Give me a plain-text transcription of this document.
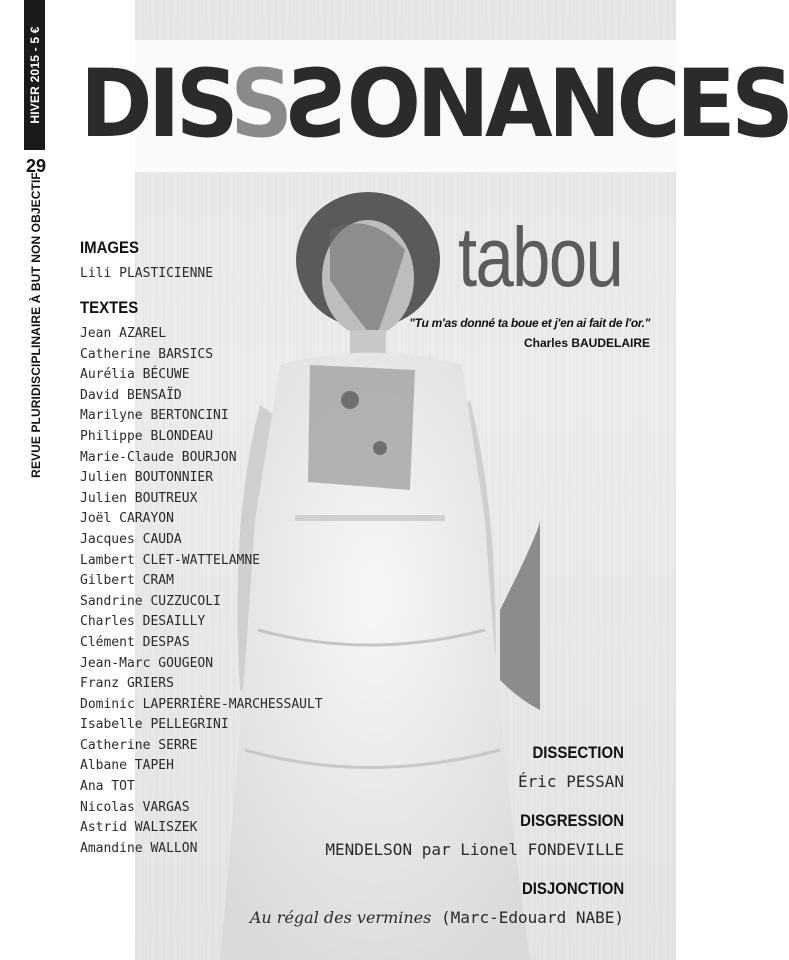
HIVER 2015 - 5 €
29
REVUE PLURIDISCIPLINAIRE À BUT NON OBJECTIF
DISSSONANCES
tabou
"Tu m'as donné ta boue et j'en ai fait de l'or."
Charles BAUDELAIRE
IMAGES
Lili PLASTICIENNE
TEXTES
Jean AZAREL
Catherine BARSICS
Aurélia BÉCUWE
David BENSAÏD
Marilyne BERTONCINI
Philippe BLONDEAU
Marie-Claude BOURJON
Julien BOUTONNIER
Julien BOUTREUX
Joël CARAYON
Jacques CAUDA
Lambert CLET-WATTELAMNE
Gilbert CRAM
Sandrine CUZZUCOLI
Charles DESAILLY
Clément DESPAS
Jean-Marc GOUGEON
Franz GRIERS
Dominic LAPERRIÈRE-MARCHESSAULT
Isabelle PELLEGRINI
Catherine SERRE
Albane TAPEH
Ana TOT
Nicolas VARGAS
Astrid WALISZEK
Amandine WALLON
DISSECTION
Éric PESSAN
DISGRESSION
MENDELSON par Lionel FONDEVILLE
DISJONCTION
Au régal des vermines (Marc-Edouard NABE)
